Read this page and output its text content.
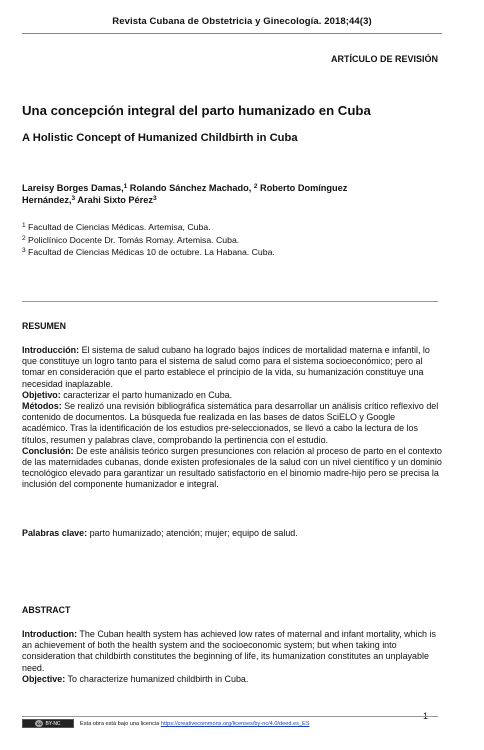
Revista Cubana de Obstetricia y Ginecología. 2018;44(3)
ARTÍCULO DE REVISIÓN
Una concepción integral del parto humanizado en Cuba
A Holistic Concept of Humanized Childbirth in Cuba
Lareisy Borges Damas,$^1$ Rolando Sánchez Machado, $^2$ Roberto Domínguez
Hernández,$^3$ Arahi Sixto Pérez$^3$
$^1$ Facultad de Ciencias Médicas. Artemisa, Cuba.
$^2$ Policlínico Docente Dr. Tomás Romay. Artemisa. Cuba.
$^3$ Facultad de Ciencias Médicas 10 de octubre. La Habana. Cuba.
RESUMEN

Introducción: El sistema de salud cubano ha logrado bajos índices de mortalidad materna e infantil, lo que constituye un logro tanto para el sistema de salud como para el sistema socioeconómico; pero al tomar en consideración que el parto establece el principio de la vida, su humanización constituye una necesidad inaplazable.

Objetivo: caracterizar el parto humanizado en Cuba.

Métodos: Se realizó una revisión bibliográfica sistemática para desarrollar un análisis crítico reflexivo del contenido de documentos. La búsqueda fue realizada en las bases de datos SciELO y Google académico. Tras la identificación de los estudios pre-seleccionados, se llevó a cabo la lectura de los títulos, resumen y palabras clave, comprobando la pertinencia con el estudio.

Conclusión: De este análisis teórico surgen presunciones con relación al proceso de parto en el contexto de las maternidades cubanas, donde existen profesionales de la salud con un nivel científico y un dominio tecnológico elevado para garantizar un resultado satisfactorio en el binomio madre-hijo pero se precisa la inclusión del componente humanizador e integral.

Palabras clave: parto humanizado; atención; mujer; equipo de salud.
ABSTRACT

Introduction: The Cuban health system has achieved low rates of maternal and infant mortality, which is an achievement of both the health system and the socioeconomic system; but when taking into consideration that childbirth constitutes the beginning of life, its humanization constitutes an unplayable need.

Objective: To characterize humanized childbirth in Cuba.

1
cc BY-NC	Esta obra está bajo una licencia https://creativecommons.org/licenses/by-nc/4.0/deed.es_ES
